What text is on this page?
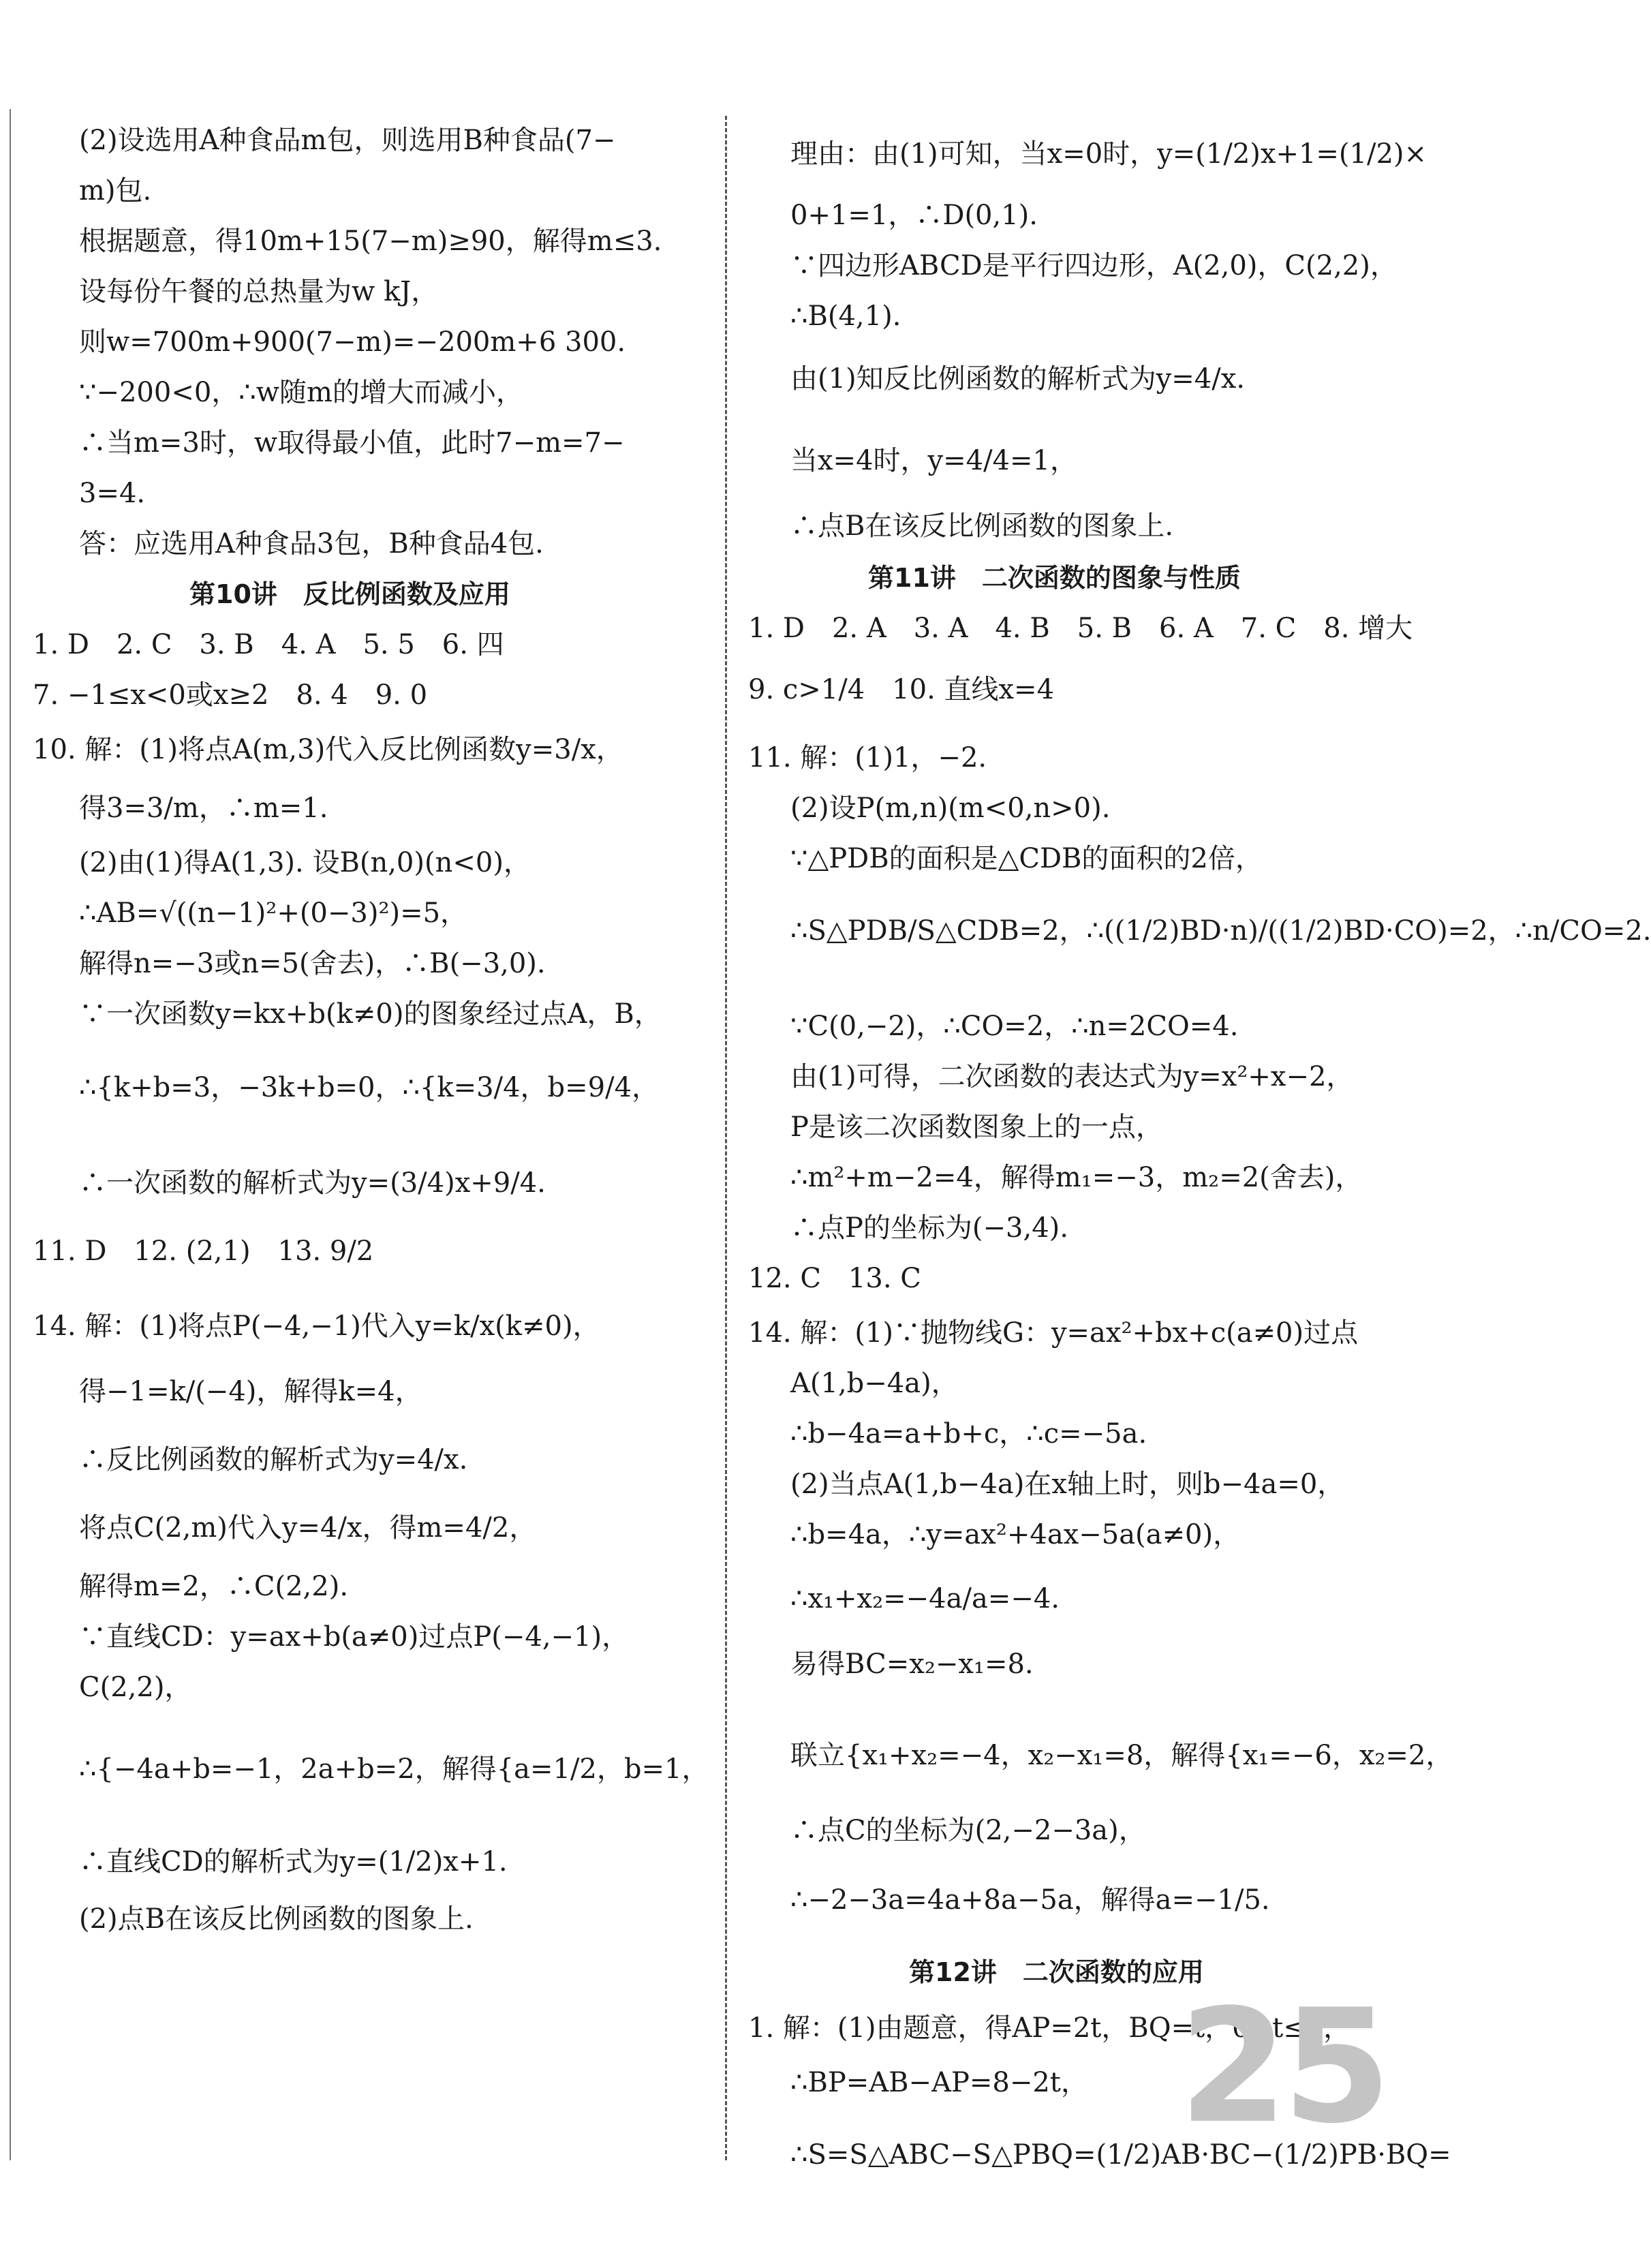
(2)设选用A种食品m包，则选用B种食品(7−
m)包.
根据题意，得10m+15(7−m)≥90，解得m≤3.
设每份午餐的总热量为w kJ，
则w=700m+900(7−m)=−200m+6 300.
∵−200<0，∴w随m的增大而减小，
∴当m=3时，w取得最小值，此时7−m=7−
3=4.
答：应选用A种食品3包，B种食品4包.
第10讲　反比例函数及应用
1. D　2. C　3. B　4. A　5. 5　6. 四
7. −1≤x<0或x≥2　8. 4　9. 0
10. 解：(1)将点A(m,3)代入反比例函数y=3/x，
得3=3/m，∴m=1.
(2)由(1)得A(1,3). 设B(n,0)(n<0)，
∴AB=√((n−1)²+(0−3)²)=5，
解得n=−3或n=5(舍去)，∴B(−3,0).
∵一次函数y=kx+b(k≠0)的图象经过点A，B，
∴{k+b=3，−3k+b=0，∴{k=3/4，b=9/4，
∴一次函数的解析式为y=(3/4)x+9/4.
11. D　12. (2,1)　13. 9/2
14. 解：(1)将点P(−4,−1)代入y=k/x(k≠0)，
得−1=k/(−4)，解得k=4，
∴反比例函数的解析式为y=4/x.
将点C(2,m)代入y=4/x，得m=4/2，
解得m=2，∴C(2,2).
∵直线CD：y=ax+b(a≠0)过点P(−4,−1)，
C(2,2)，
∴{−4a+b=−1，2a+b=2，解得{a=1/2，b=1，
∴直线CD的解析式为y=(1/2)x+1.
(2)点B在该反比例函数的图象上.
理由：由(1)可知，当x=0时，y=(1/2)x+1=(1/2)×
0+1=1，∴D(0,1).
∵四边形ABCD是平行四边形，A(2,0)，C(2,2)，
∴B(4,1).
由(1)知反比例函数的解析式为y=4/x.
当x=4时，y=4/4=1，
∴点B在该反比例函数的图象上.
第11讲　二次函数的图象与性质
1. D　2. A　3. A　4. B　5. B　6. A　7. C　8. 增大
9. c>1/4　10. 直线x=4
11. 解：(1)1，−2.
(2)设P(m,n)(m<0,n>0).
∵△PDB的面积是△CDB的面积的2倍，
∴S△PDB/S△CDB=2，∴((1/2)BD·n)/((1/2)BD·CO)=2，∴n/CO=2.
∵C(0,−2)，∴CO=2，∴n=2CO=4.
由(1)可得，二次函数的表达式为y=x²+x−2，
P是该二次函数图象上的一点，
∴m²+m−2=4，解得m₁=−3，m₂=2(舍去)，
∴点P的坐标为(−3,4).
12. C　13. C
14. 解：(1)∵抛物线G：y=ax²+bx+c(a≠0)过点
A(1,b−4a)，
∴b−4a=a+b+c，∴c=−5a.
(2)当点A(1,b−4a)在x轴上时，则b−4a=0，
∴b=4a，∴y=ax²+4ax−5a(a≠0)，
∴x₁+x₂=−4a/a=−4.
易得BC=x₂−x₁=8.
联立{x₁+x₂=−4，x₂−x₁=8，解得{x₁=−6，x₂=2，
∴点C的坐标为(2,−2−3a)，
∴−2−3a=4a+8a−5a，解得a=−1/5.
第12讲　二次函数的应用
1. 解：(1)由题意，得AP=2t，BQ=t，0≤t≤4，
∴BP=AB−AP=8−2t，
∴S=S△ABC−S△PBQ=(1/2)AB·BC−(1/2)PB·BQ=
25
